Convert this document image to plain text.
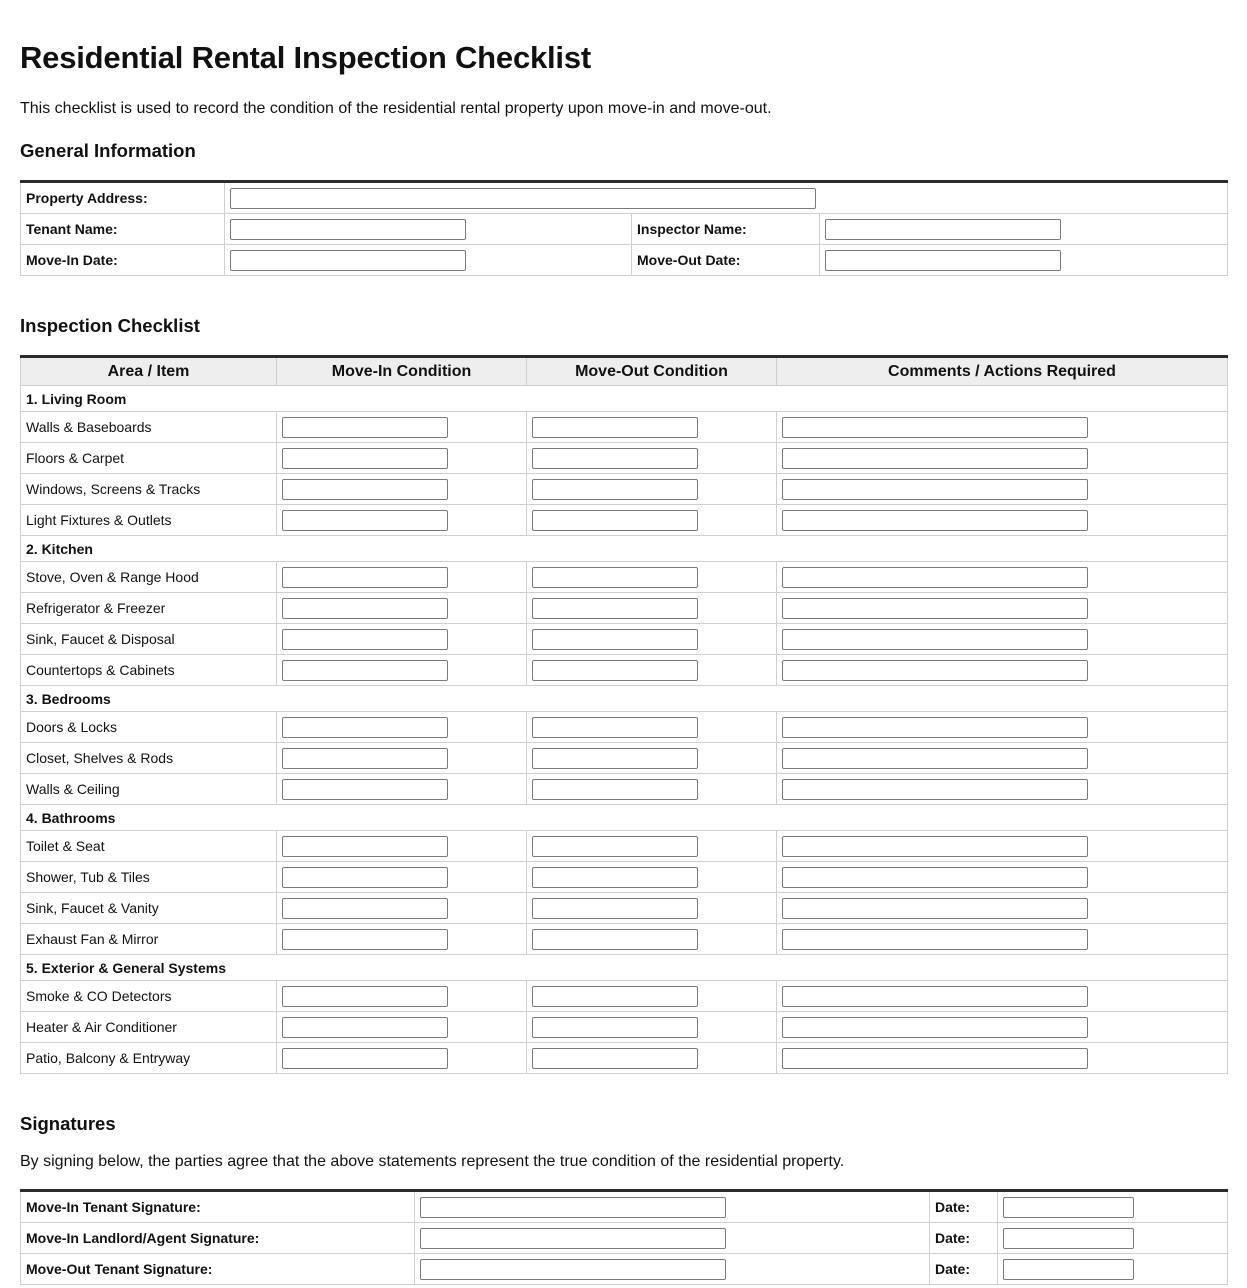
Residential Rental Inspection Checklist

This checklist is used to record the condition of the residential rental property upon move-in and move-out.

General Information
Property Address:	

Tenant Name:		Inspector Name:	

Move-In Date:		Move-Out Date:	
Inspection Checklist
Area / Item	Move-In Condition	Move-Out Condition	Comments / Actions Required
1. Living Room			
Walls & Baseboards	

Floors & Carpet	

Windows, Screens & Tracks	

Light Fixtures & Outlets	

2. Kitchen			
Stove, Oven & Range Hood	

Refrigerator & Freezer	

Sink, Faucet & Disposal	

Countertops & Cabinets	

3. Bedrooms			
Doors & Locks	

Closet, Shelves & Rods	

Walls & Ceiling	

4. Bathrooms			
Toilet & Seat	

Shower, Tub & Tiles	

Sink, Faucet & Vanity	

Exhaust Fan & Mirror	

5. Exterior & General Systems			
Smoke & CO Detectors	

Heater & Air Conditioner	

Patio, Balcony & Entryway	

Signatures

By signing below, the parties agree that the above statements represent the true condition of the residential property.

Move-In Tenant Signature:		Date:	

Move-In Landlord/Agent Signature:		Date:	

Move-Out Tenant Signature:		Date:	
